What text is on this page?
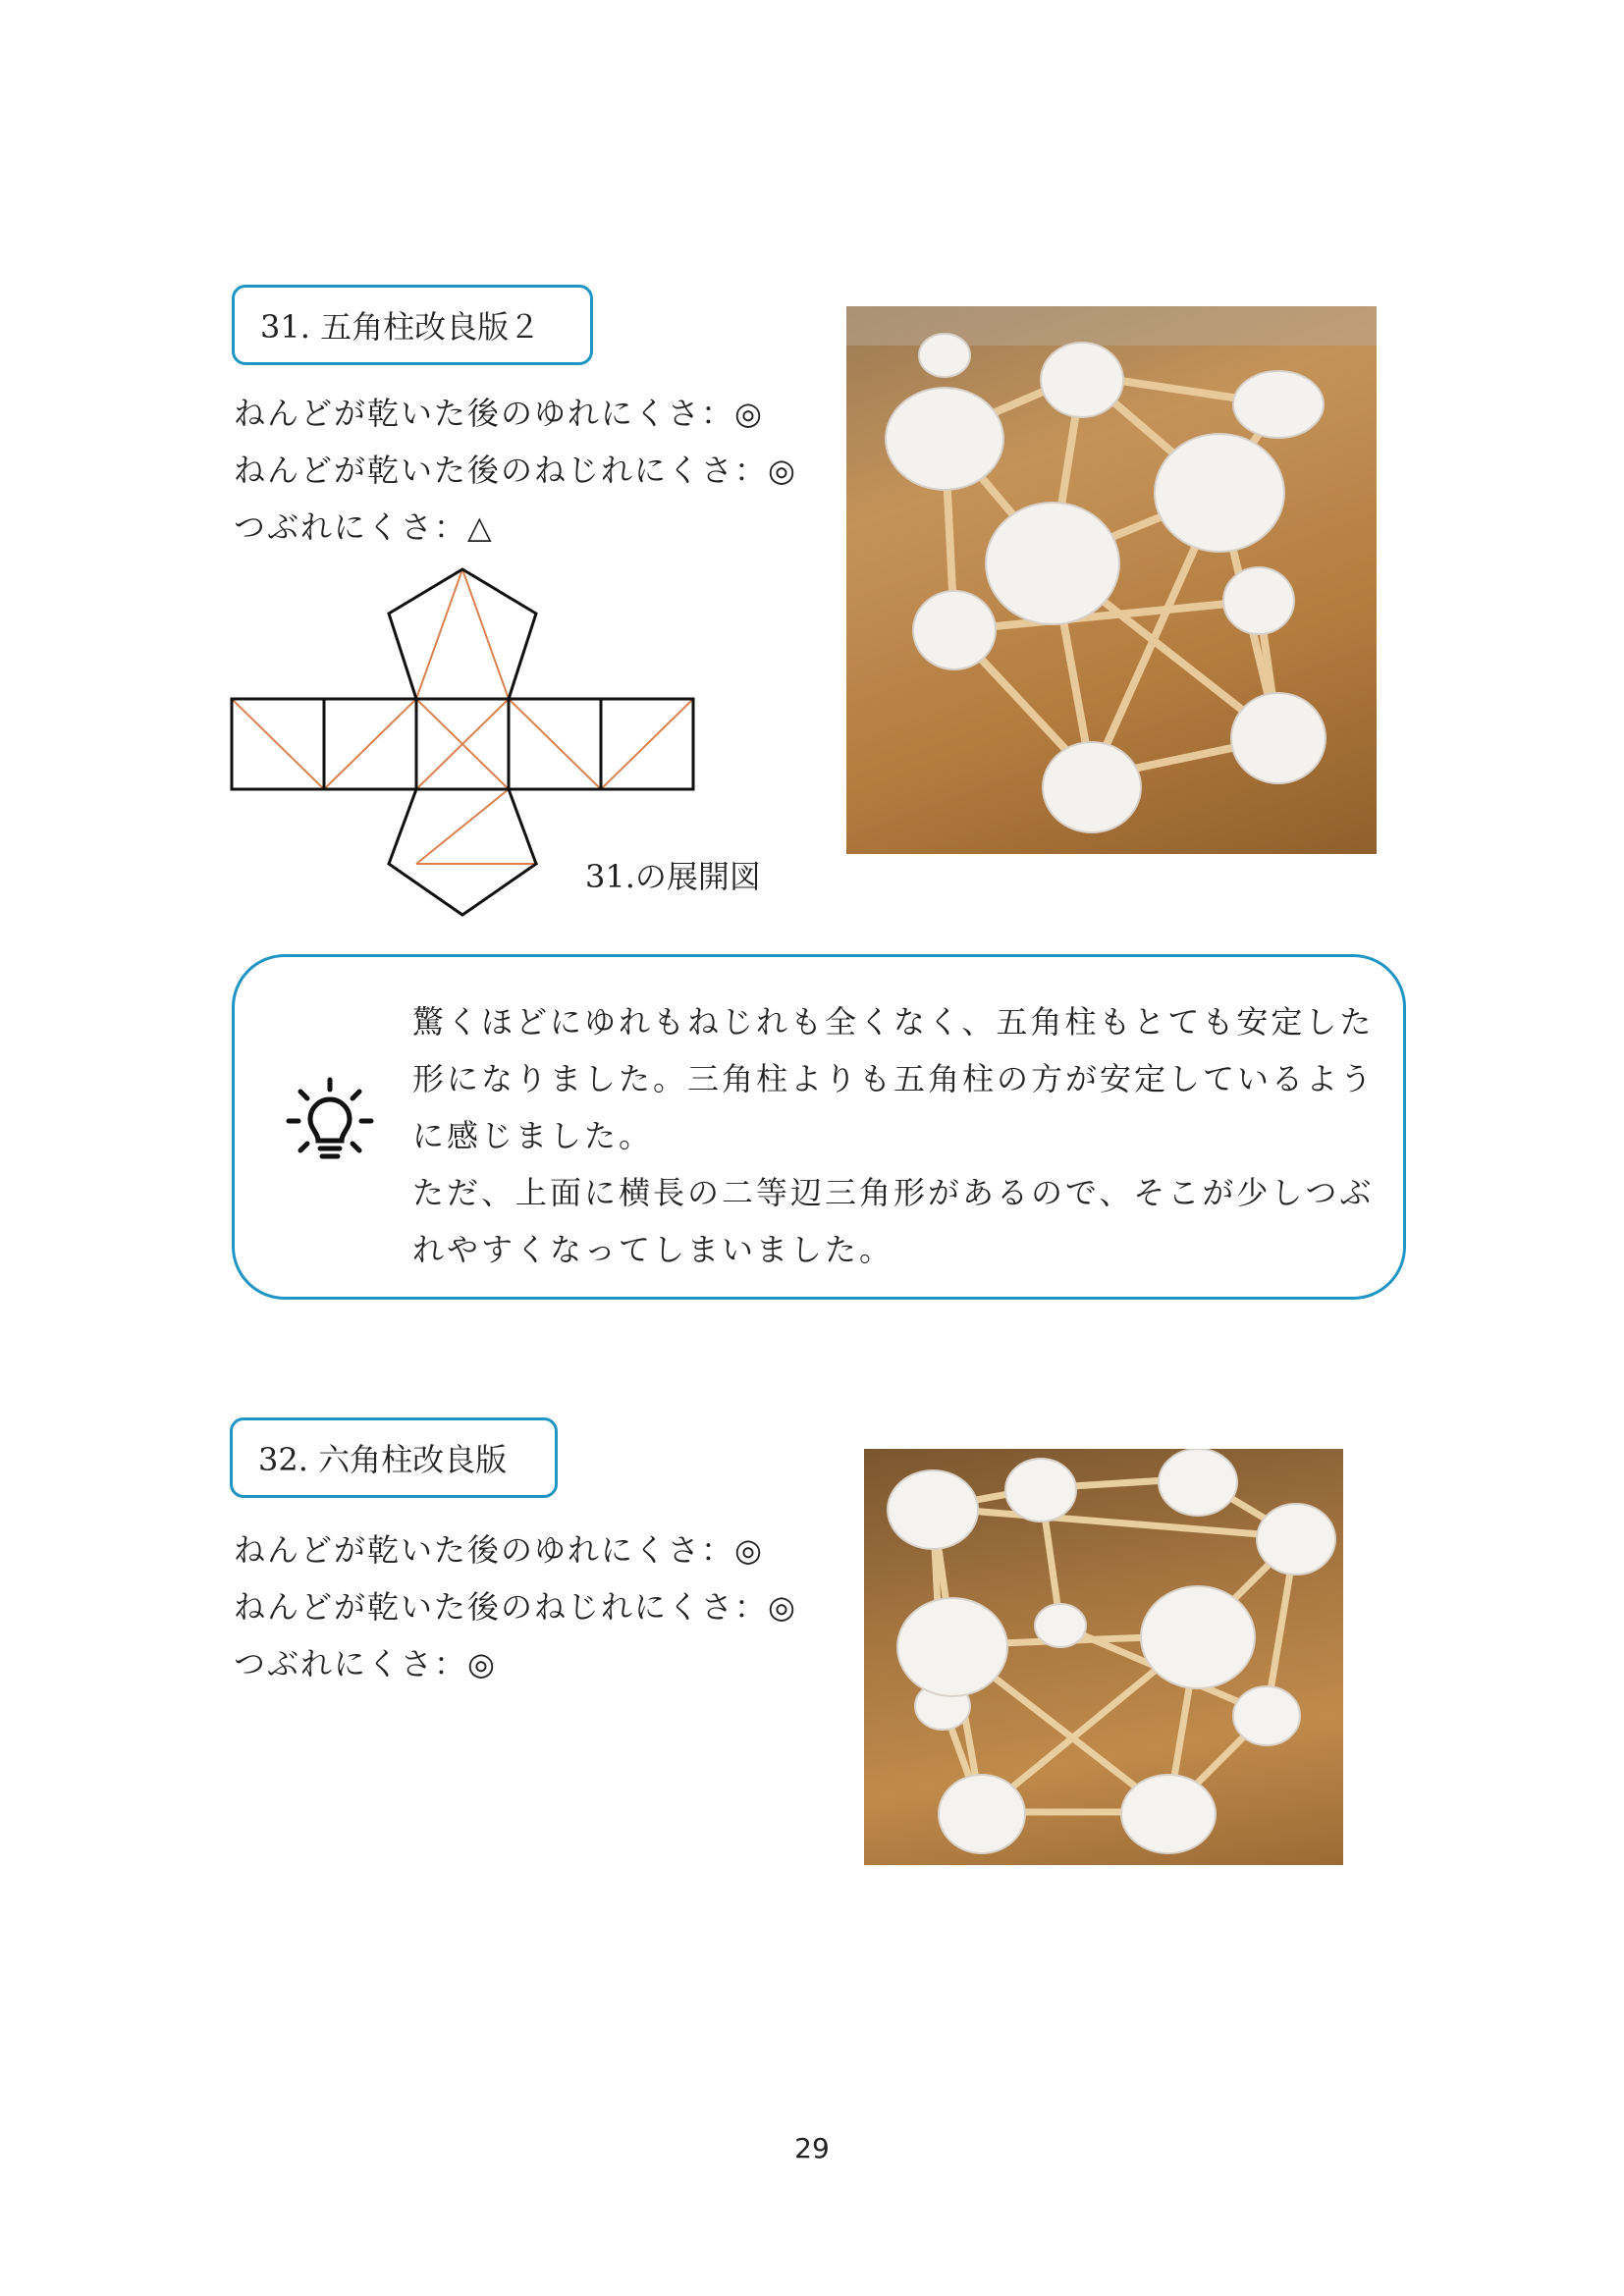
31. 五角柱改良版２
ねんどが乾いた後のゆれにくさ：◎
ねんどが乾いた後のねじれにくさ：◎
つぶれにくさ：△
31.の展開図
驚くほどにゆれもねじれも全くなく、五角柱もとても安定した
形になりました。三角柱よりも五角柱の方が安定しているよう
に感じました。
ただ、上面に横長の二等辺三角形があるので、そこが少しつぶ
れやすくなってしまいました。
32. 六角柱改良版
ねんどが乾いた後のゆれにくさ：◎
ねんどが乾いた後のねじれにくさ：◎
つぶれにくさ：◎
29
